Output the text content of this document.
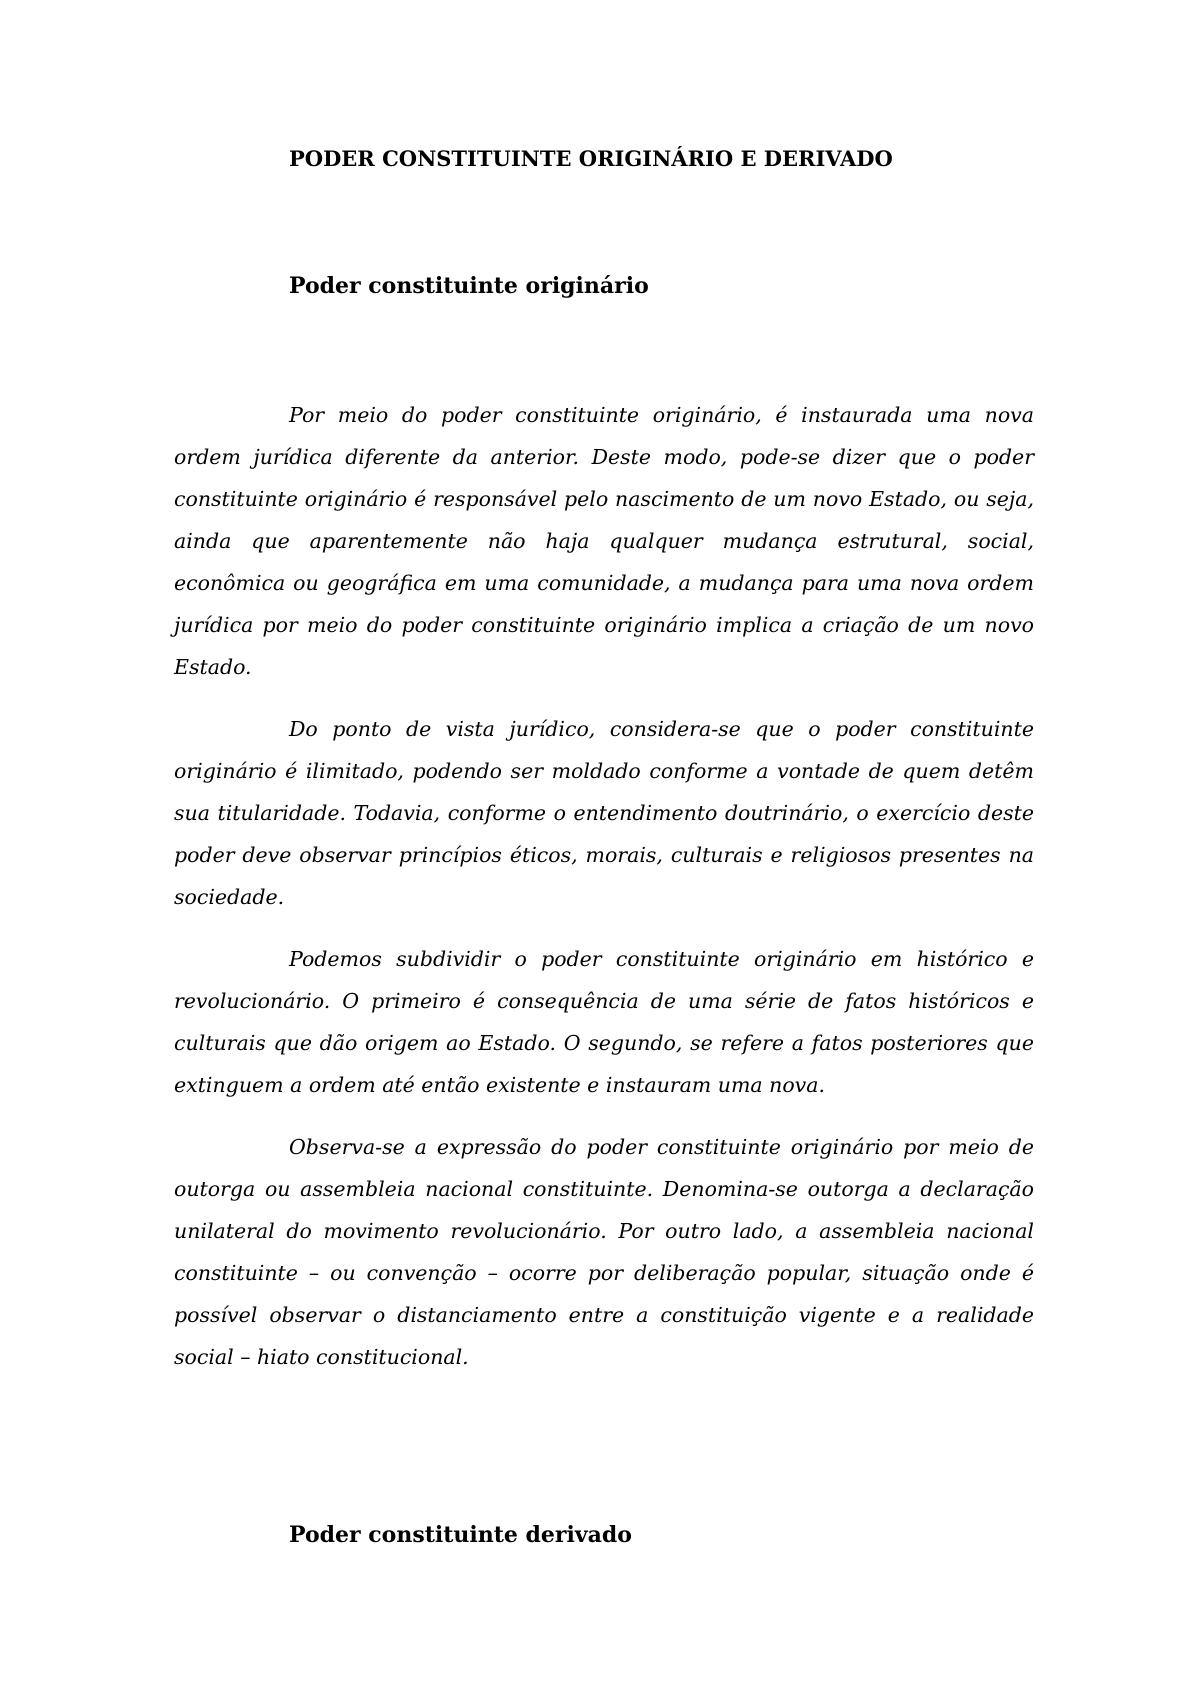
PODER CONSTITUINTE ORIGINÁRIO E DERIVADO
Poder constituinte originário

Por meio do poder constituinte originário, é instaurada uma nova ordem jurídica diferente da anterior. Deste modo, pode-se dizer que o poder constituinte originário é responsável pelo nascimento de um novo Estado, ou seja, ainda que aparentemente não haja qualquer mudança estrutural, social, econômica ou geográfica em uma comunidade, a mudança para uma nova ordem jurídica por meio do poder constituinte originário implica a criação de um novo Estado.

Do ponto de vista jurídico, considera-se que o poder constituinte originário é ilimitado, podendo ser moldado conforme a vontade de quem detêm sua titularidade. Todavia, conforme o entendimento doutrinário, o exercício deste poder deve observar princípios éticos, morais, culturais e religiosos presentes na sociedade.

Podemos subdividir o poder constituinte originário em histórico e revolucionário. O primeiro é consequência de uma série de fatos históricos e culturais que dão origem ao Estado. O segundo, se refere a fatos posteriores que extinguem a ordem até então existente e instauram uma nova.

Observa-se a expressão do poder constituinte originário por meio de outorga ou assembleia nacional constituinte. Denomina-se outorga a declaração unilateral do movimento revolucionário. Por outro lado, a assembleia nacional constituinte – ou convenção – ocorre por deliberação popular, situação onde é possível observar o distanciamento entre a constituição vigente e a realidade social – hiato constitucional.

Poder constituinte derivado
